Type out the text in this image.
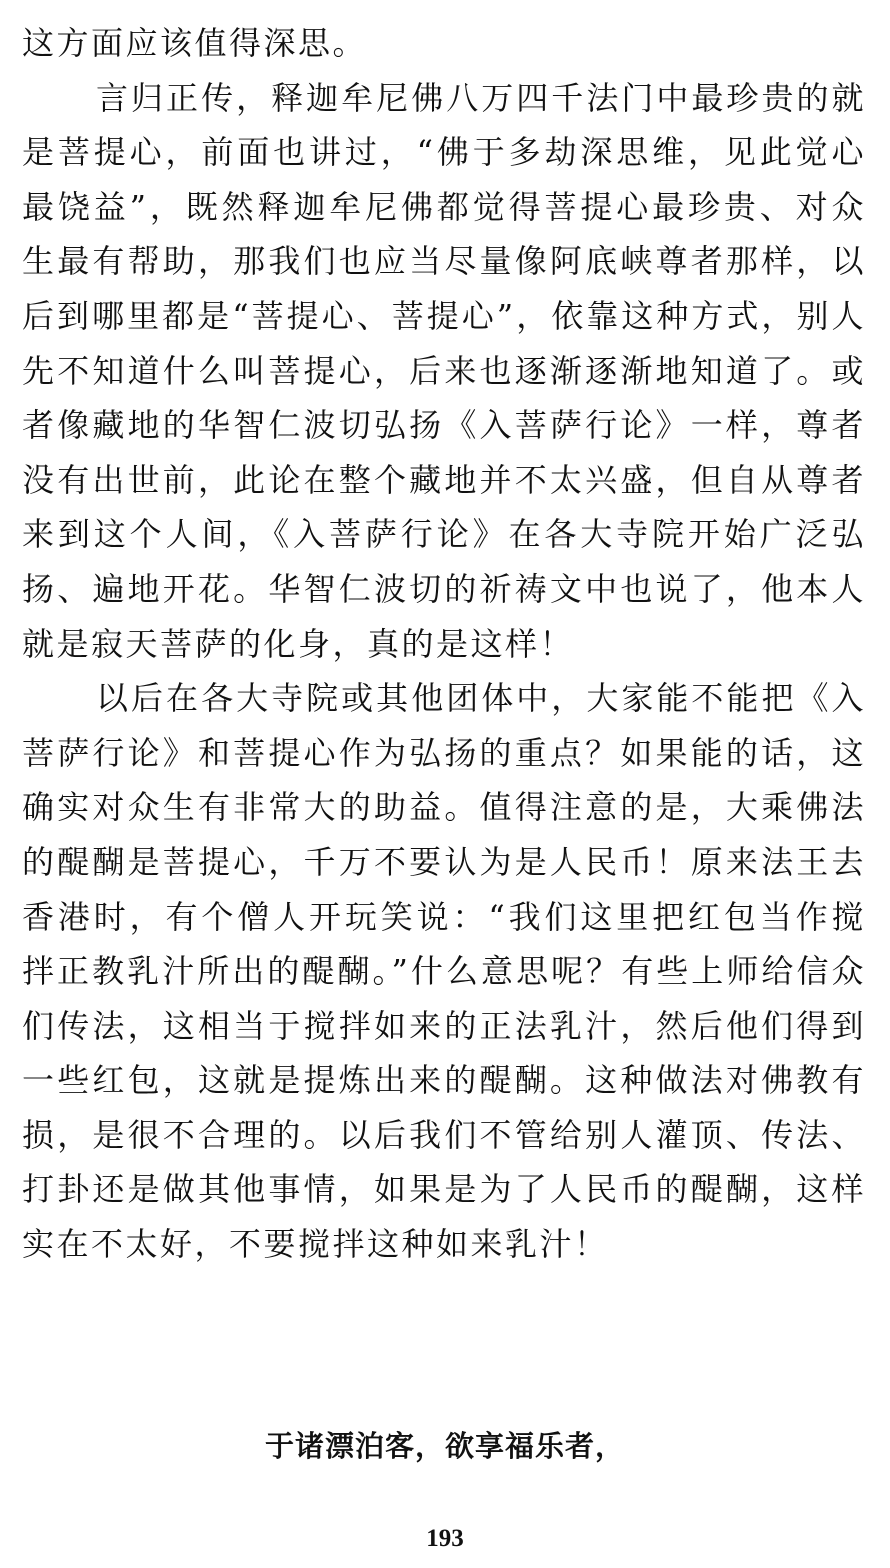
这方面应该值得深思。

言归正传，释迦牟尼佛八万四千法门中最珍贵的就是菩提心，前面也讲过，“佛于多劫深思维，见此觉心最饶益”，既然释迦牟尼佛都觉得菩提心最珍贵、对众生最有帮助，那我们也应当尽量像阿底峡尊者那样，以后到哪里都是“菩提心、菩提心”，依靠这种方式，别人先不知道什么叫菩提心，后来也逐渐逐渐地知道了。或者像藏地的华智仁波切弘扬《入菩萨行论》一样，尊者没有出世前，此论在整个藏地并不太兴盛，但自从尊者来到这个人间，《入菩萨行论》在各大寺院开始广泛弘扬、遍地开花。华智仁波切的祈祷文中也说了，他本人就是寂天菩萨的化身，真的是这样！

以后在各大寺院或其他团体中，大家能不能把《入菩萨行论》和菩提心作为弘扬的重点？如果能的话，这确实对众生有非常大的助益。值得注意的是，大乘佛法的醍醐是菩提心，千万不要认为是人民币！原来法王去香港时，有个僧人开玩笑说：“我们这里把红包当作搅拌正教乳汁所出的醍醐。”什么意思呢？有些上师给信众们传法，这相当于搅拌如来的正法乳汁，然后他们得到一些红包，这就是提炼出来的醍醐。这种做法对佛教有损，是很不合理的。以后我们不管给别人灌顶、传法、打卦还是做其他事情，如果是为了人民币的醍醐，这样实在不太好，不要搅拌这种如来乳汁！

于诸漂泊客，欲享福乐者，
193
